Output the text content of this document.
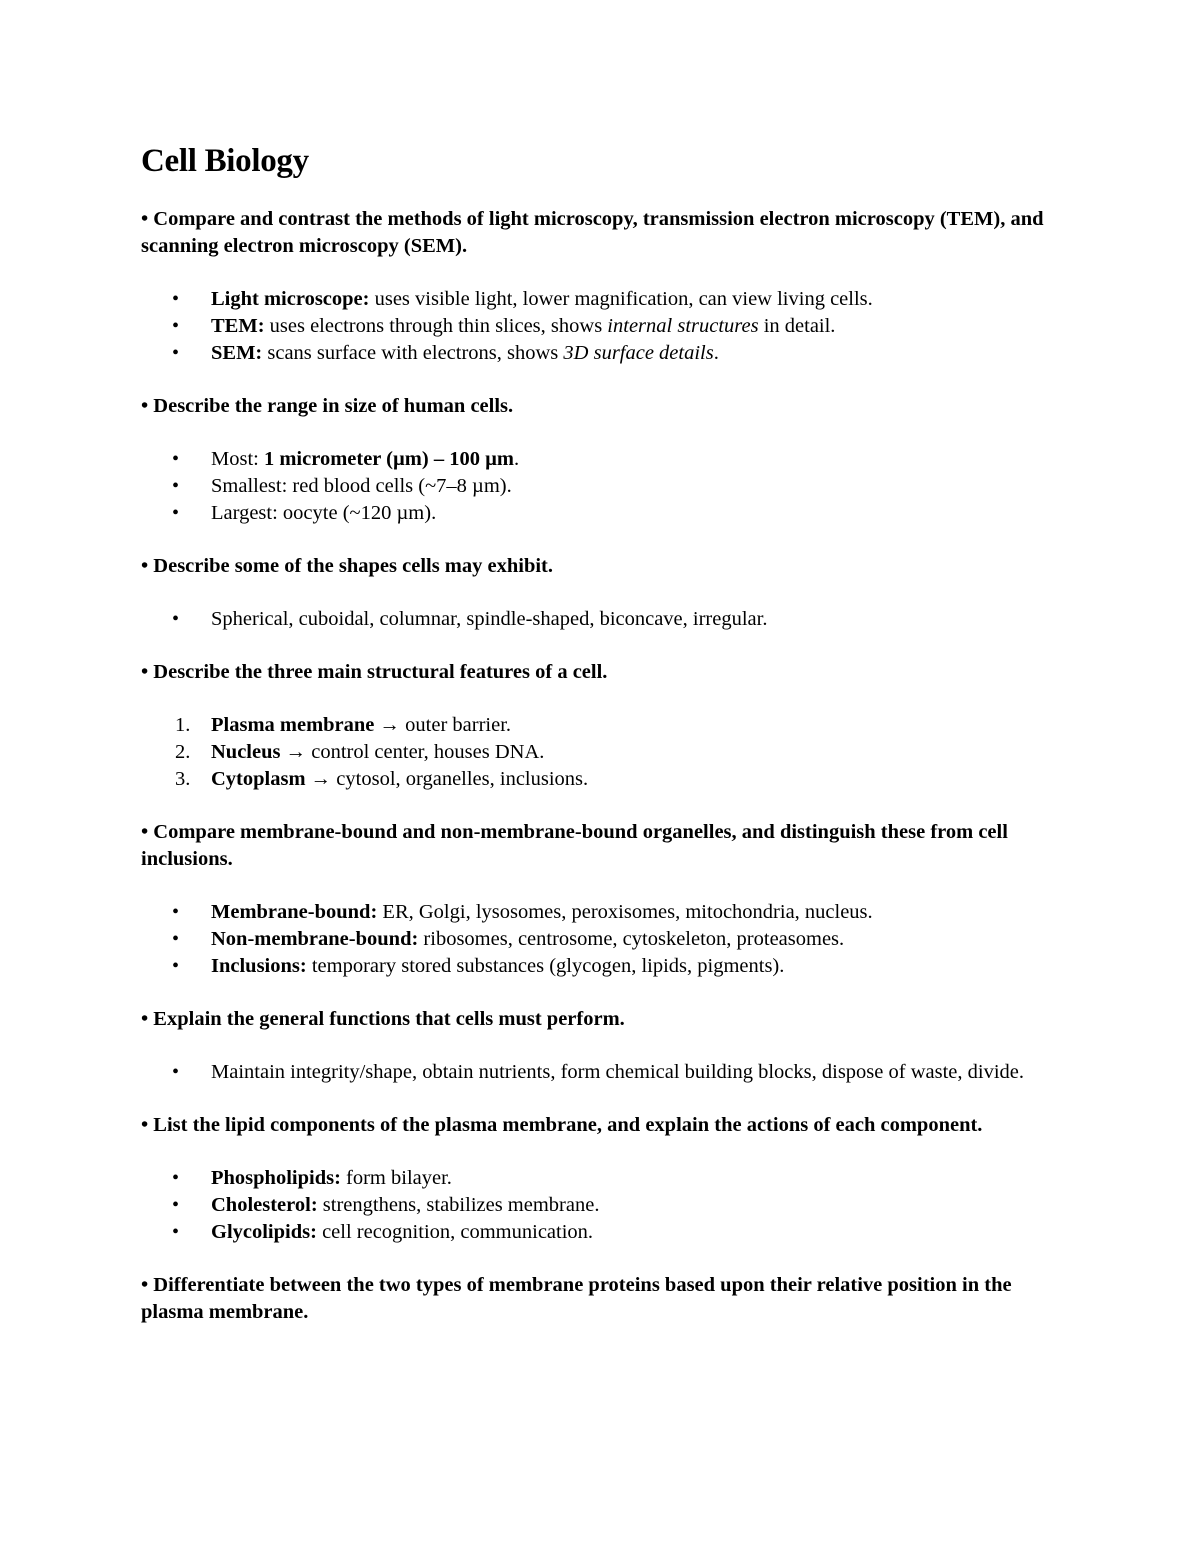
Cell Biology

• Compare and contrast the methods of light microscopy, transmission electron microscopy (TEM), and scanning electron microscopy (SEM).

• Light microscope: uses visible light, lower magnification, can view living cells.
• TEM: uses electrons through thin slices, shows internal structures in detail.
• SEM: scans surface with electrons, shows 3D surface details.

• Describe the range in size of human cells.

• Most: 1 micrometer (µm) – 100 µm.
• Smallest: red blood cells (~7–8 µm).
• Largest: oocyte (~120 µm).

• Describe some of the shapes cells may exhibit.

• Spherical, cuboidal, columnar, spindle-shaped, biconcave, irregular.

• Describe the three main structural features of a cell.

1. Plasma membrane → outer barrier.
2. Nucleus → control center, houses DNA.
3. Cytoplasm → cytosol, organelles, inclusions.

• Compare membrane-bound and non-membrane-bound organelles, and distinguish these from cell inclusions.

• Membrane-bound: ER, Golgi, lysosomes, peroxisomes, mitochondria, nucleus.
• Non-membrane-bound: ribosomes, centrosome, cytoskeleton, proteasomes.
• Inclusions: temporary stored substances (glycogen, lipids, pigments).

• Explain the general functions that cells must perform.

• Maintain integrity/shape, obtain nutrients, form chemical building blocks, dispose of waste, divide.

• List the lipid components of the plasma membrane, and explain the actions of each component.

• Phospholipids: form bilayer.
• Cholesterol: strengthens, stabilizes membrane.
• Glycolipids: cell recognition, communication.

• Differentiate between the two types of membrane proteins based upon their relative position in the plasma membrane.
